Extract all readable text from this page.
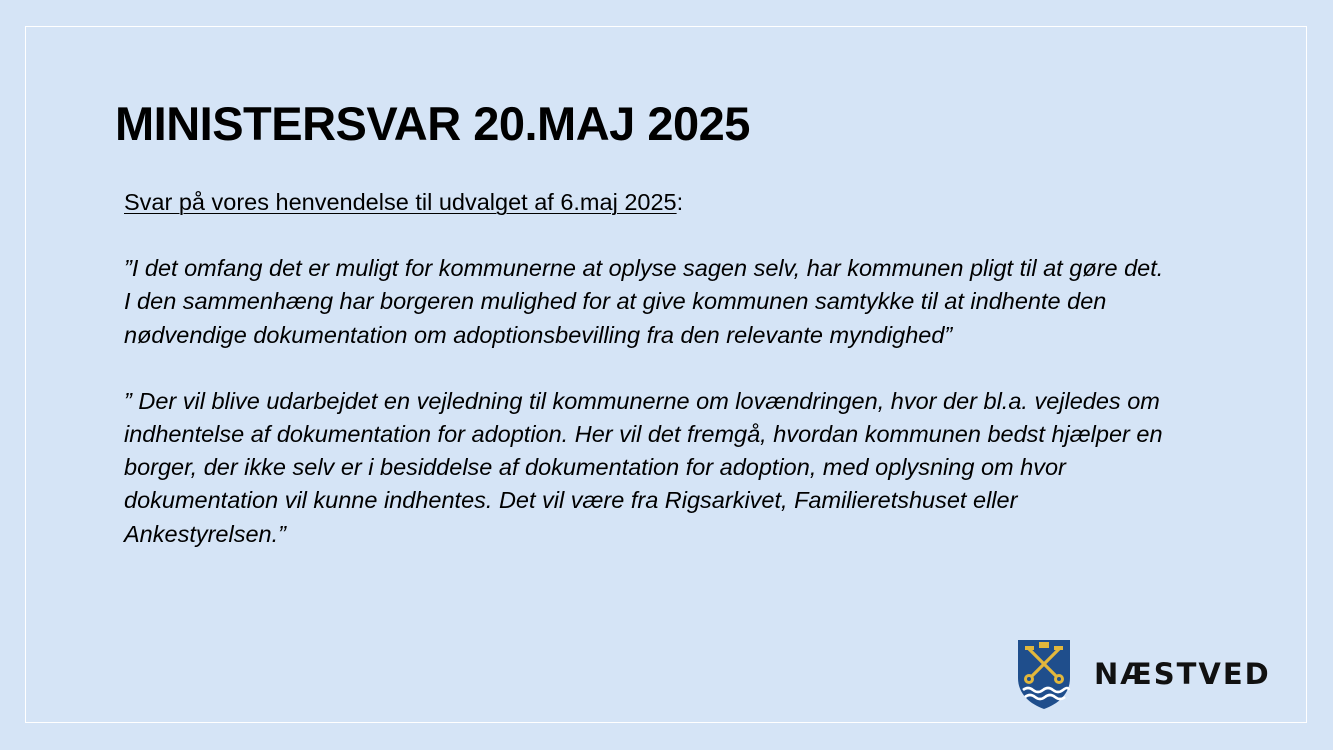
MINISTERSVAR 20.MAJ 2025

Svar på vores henvendelse til udvalget af 6.maj 2025:

”I det omfang det er muligt for kommunerne at oplyse sagen selv, har kommunen pligt til at gøre det. I den sammenhæng har borgeren mulighed for at give kommunen samtykke til at indhente den nødvendige dokumentation om adoptionsbevilling fra den relevante myndighed”

” Der vil blive udarbejdet en vejledning til kommunerne om lovændringen, hvor der bl.a. vejledes om indhentelse af dokumentation for adoption. Her vil det fremgå, hvordan kommunen bedst hjælper en borger, der ikke selv er i besiddelse af dokumentation for adoption, med oplysning om hvor dokumentation vil kunne indhentes. Det vil være fra Rigsarkivet, Familieretshuset eller Ankestyrelsen.”

NÆSTVED
